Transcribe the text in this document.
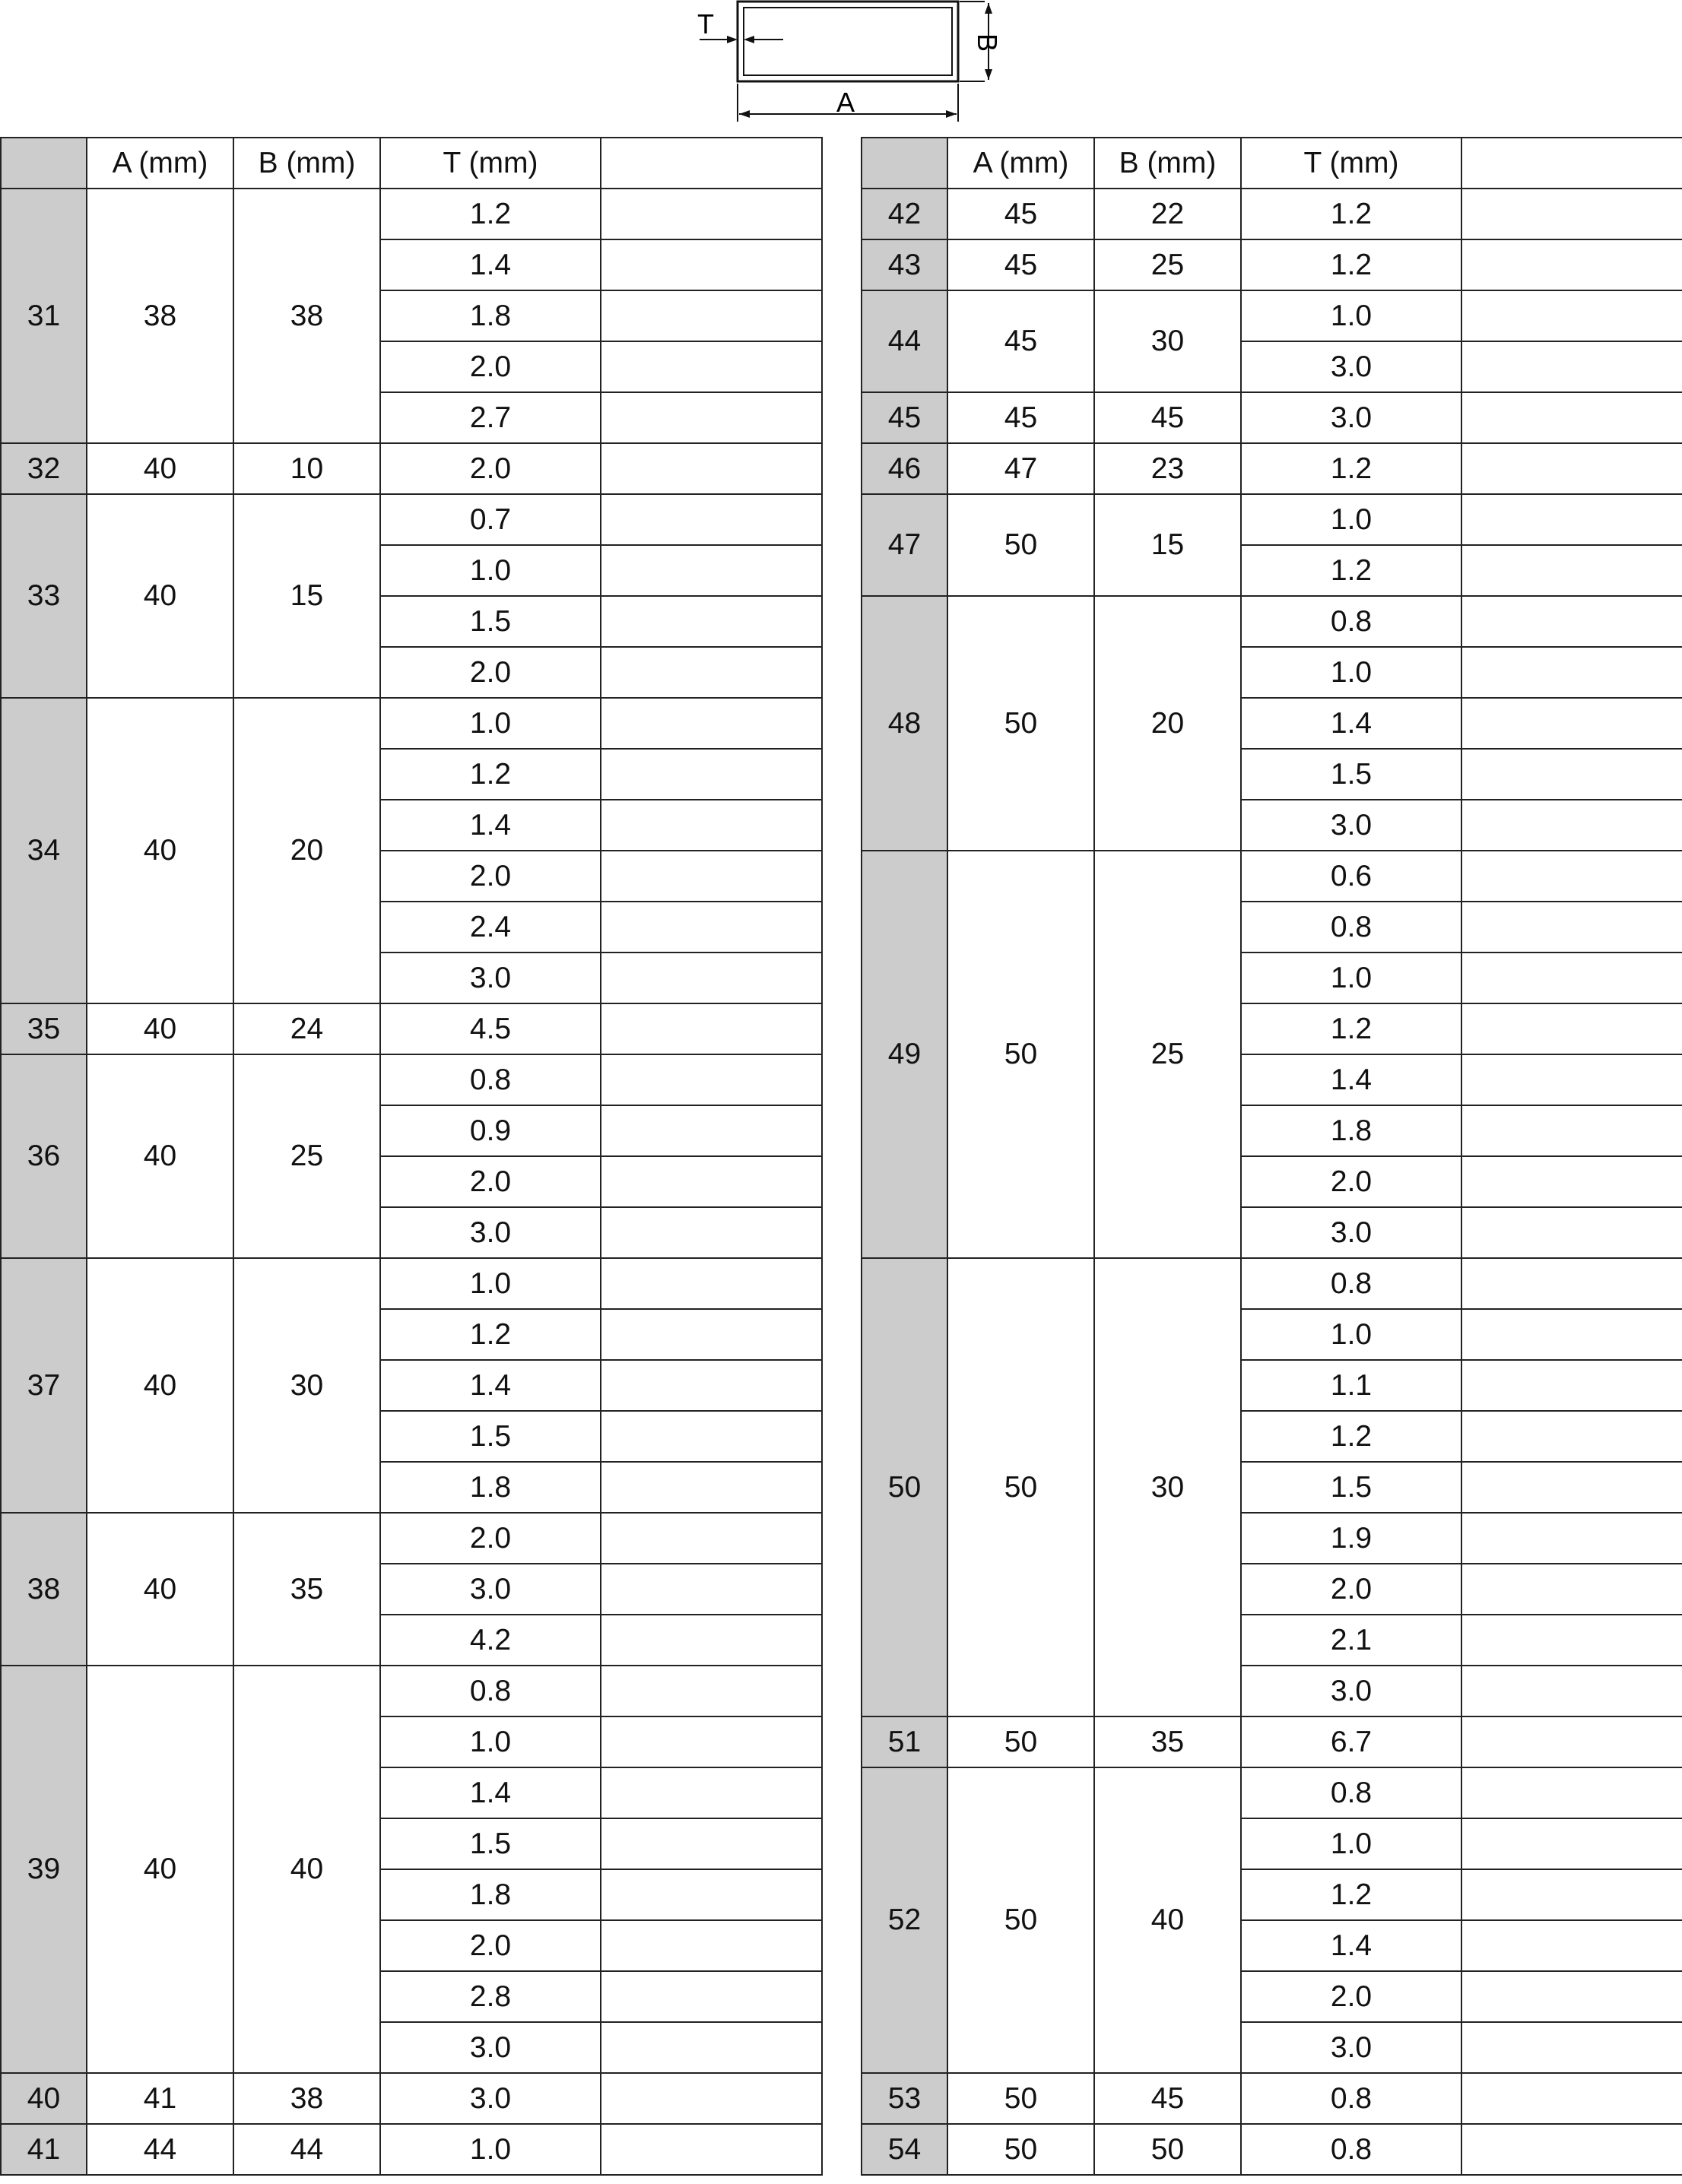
A
B
T
	A (mm)	B (mm)	T (mm)	
31	38	38	1.2	
			1.4	
			1.8	
			2.0	
			2.7	
32	40	10	2.0	
33	40	15	0.7	
			1.0	
			1.5	
			2.0	
34	40	20	1.0	
			1.2	
			1.4	
			2.0	
			2.4	
			3.0	
35	40	24	4.5	
36	40	25	0.8	
			0.9	
			2.0	
			3.0	
37	40	30	1.0	
			1.2	
			1.4	
			1.5	
			1.8	
38	40	35	2.0	
			3.0	
			4.2	
39	40	40	0.8	
			1.0	
			1.4	
			1.5	
			1.8	
			2.0	
			2.8	
			3.0	
40	41	38	3.0	
41	44	44	1.0	
	A (mm)	B (mm)	T (mm)	
42	45	22	1.2	
43	45	25	1.2	
44	45	30	1.0	
			3.0	
45	45	45	3.0	
46	47	23	1.2	
47	50	15	1.0	
			1.2	
48	50	20	0.8	
			1.0	
			1.4	
			1.5	
			3.0	
49	50	25	0.6	
			0.8	
			1.0	
			1.2	
			1.4	
			1.8	
			2.0	
			3.0	
50	50	30	0.8	
			1.0	
			1.1	
			1.2	
			1.5	
			1.9	
			2.0	
			2.1	
			3.0	
51	50	35	6.7	
52	50	40	0.8	
			1.0	
			1.2	
			1.4	
			2.0	
			3.0	
53	50	45	0.8	
54	50	50	0.8	
